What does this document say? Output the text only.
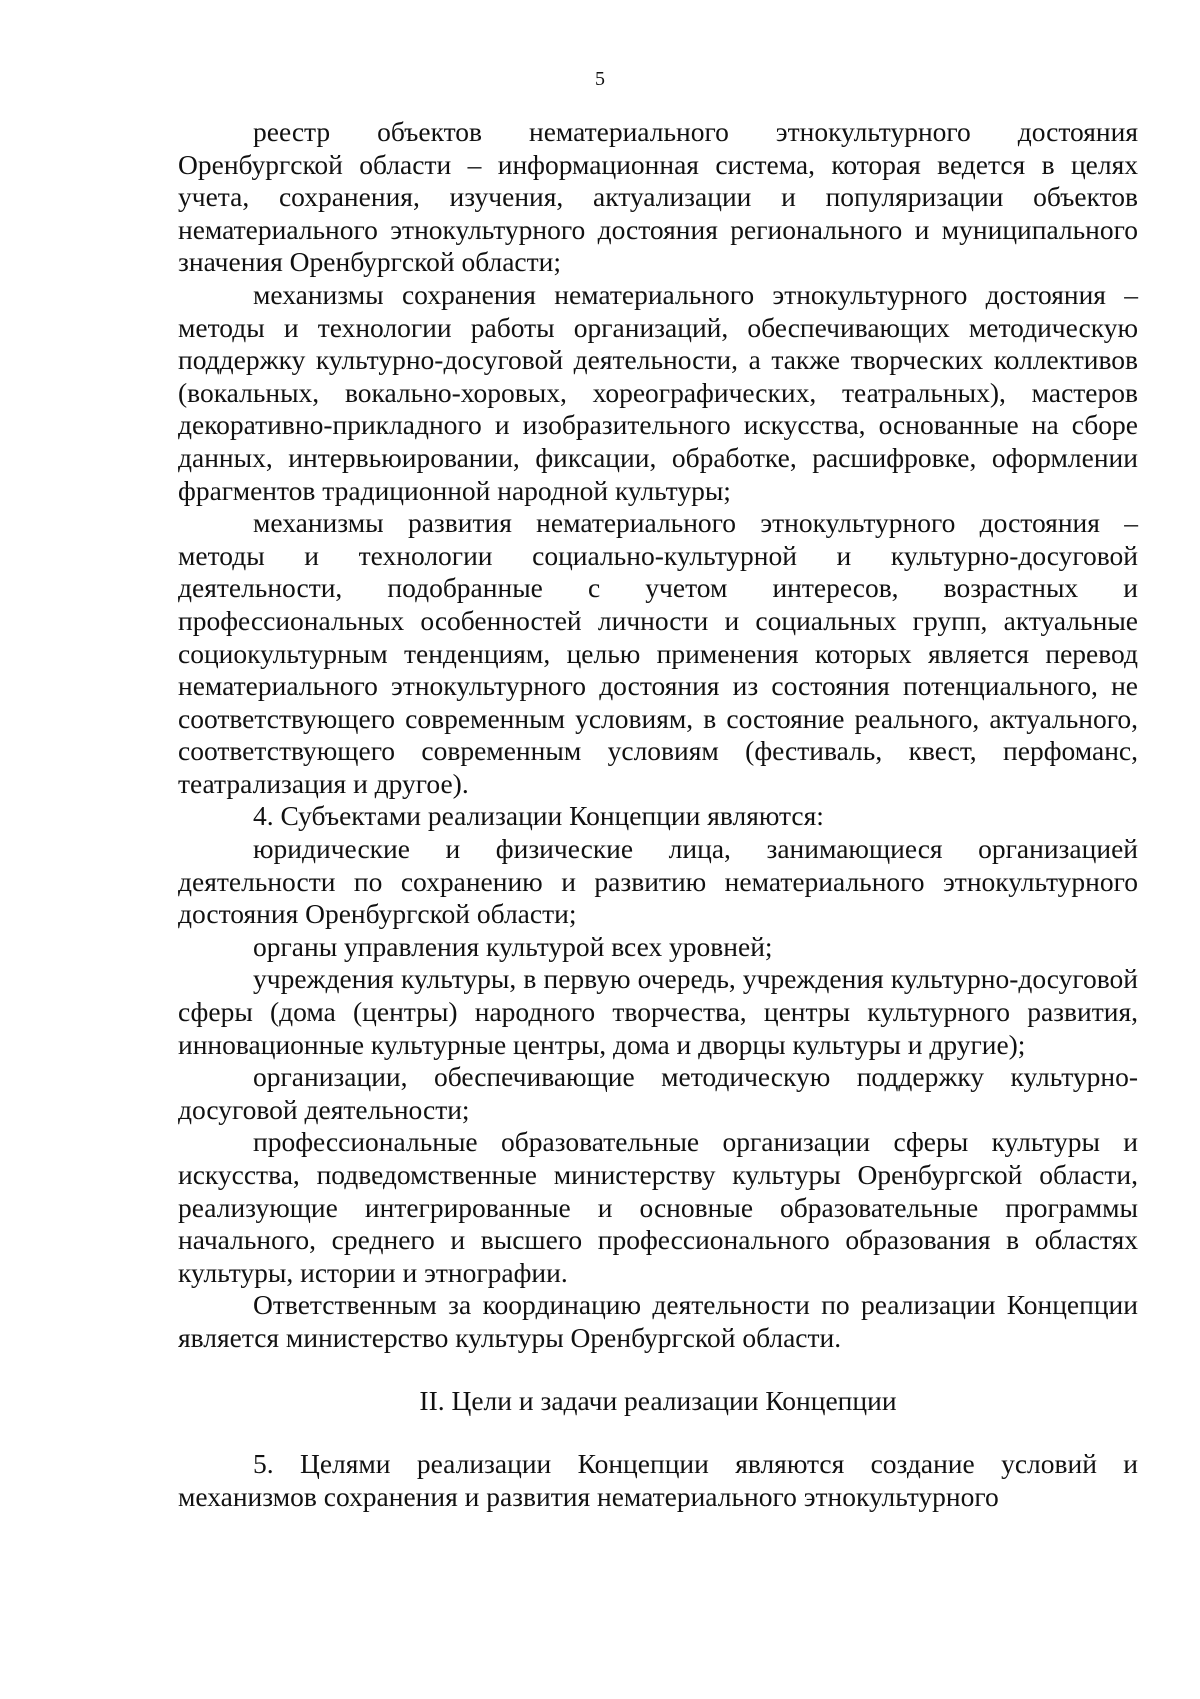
5

реестр объектов нематериального этнокультурного достояния Оренбургской области – информационная система, которая ведется в целях учета, сохранения, изучения, актуализации и популяризации объектов нематериального этнокультурного достояния регионального и муниципального значения Оренбургской области;

механизмы сохранения нематериального этнокультурного достояния – методы и технологии работы организаций, обеспечивающих методическую поддержку культурно-досуговой деятельности, а также творческих коллективов (вокальных, вокально-хоровых, хореографических, театральных), мастеров декоративно-прикладного и изобразительного искусства, основанные на сборе данных, интервьюировании, фиксации, обработке, расшифровке, оформлении фрагментов традиционной народной культуры;

механизмы развития нематериального этнокультурного достояния – методы и технологии социально-культурной и культурно-досуговой деятельности, подобранные с учетом интересов, возрастных и профессиональных особенностей личности и социальных групп, актуальные социокультурным тенденциям, целью применения которых является перевод нематериального этнокультурного достояния из состояния потенциального, не соответствующего современным условиям, в состояние реального, актуального, соответствующего современным условиям (фестиваль, квест, перфоманс, театрализация и другое).

4. Субъектами реализации Концепции являются:

юридические и физические лица, занимающиеся организацией деятельности по сохранению и развитию нематериального этнокультурного достояния Оренбургской области;

органы управления культурой всех уровней;

учреждения культуры, в первую очередь, учреждения культурно-досуговой сферы (дома (центры) народного творчества, центры культурного развития, инновационные культурные центры, дома и дворцы культуры и другие);

организации, обеспечивающие методическую поддержку культурно-досуговой деятельности;

профессиональные образовательные организации сферы культуры и искусства, подведомственные министерству культуры Оренбургской области, реализующие интегрированные и основные образовательные программы начального, среднего и высшего профессионального образования в областях культуры, истории и этнографии.

Ответственным за координацию деятельности по реализации Концепции является министерство культуры Оренбургской области.

II. Цели и задачи реализации Концепции

5. Целями реализации Концепции являются создание условий и механизмов сохранения и развития нематериального этнокультурного
